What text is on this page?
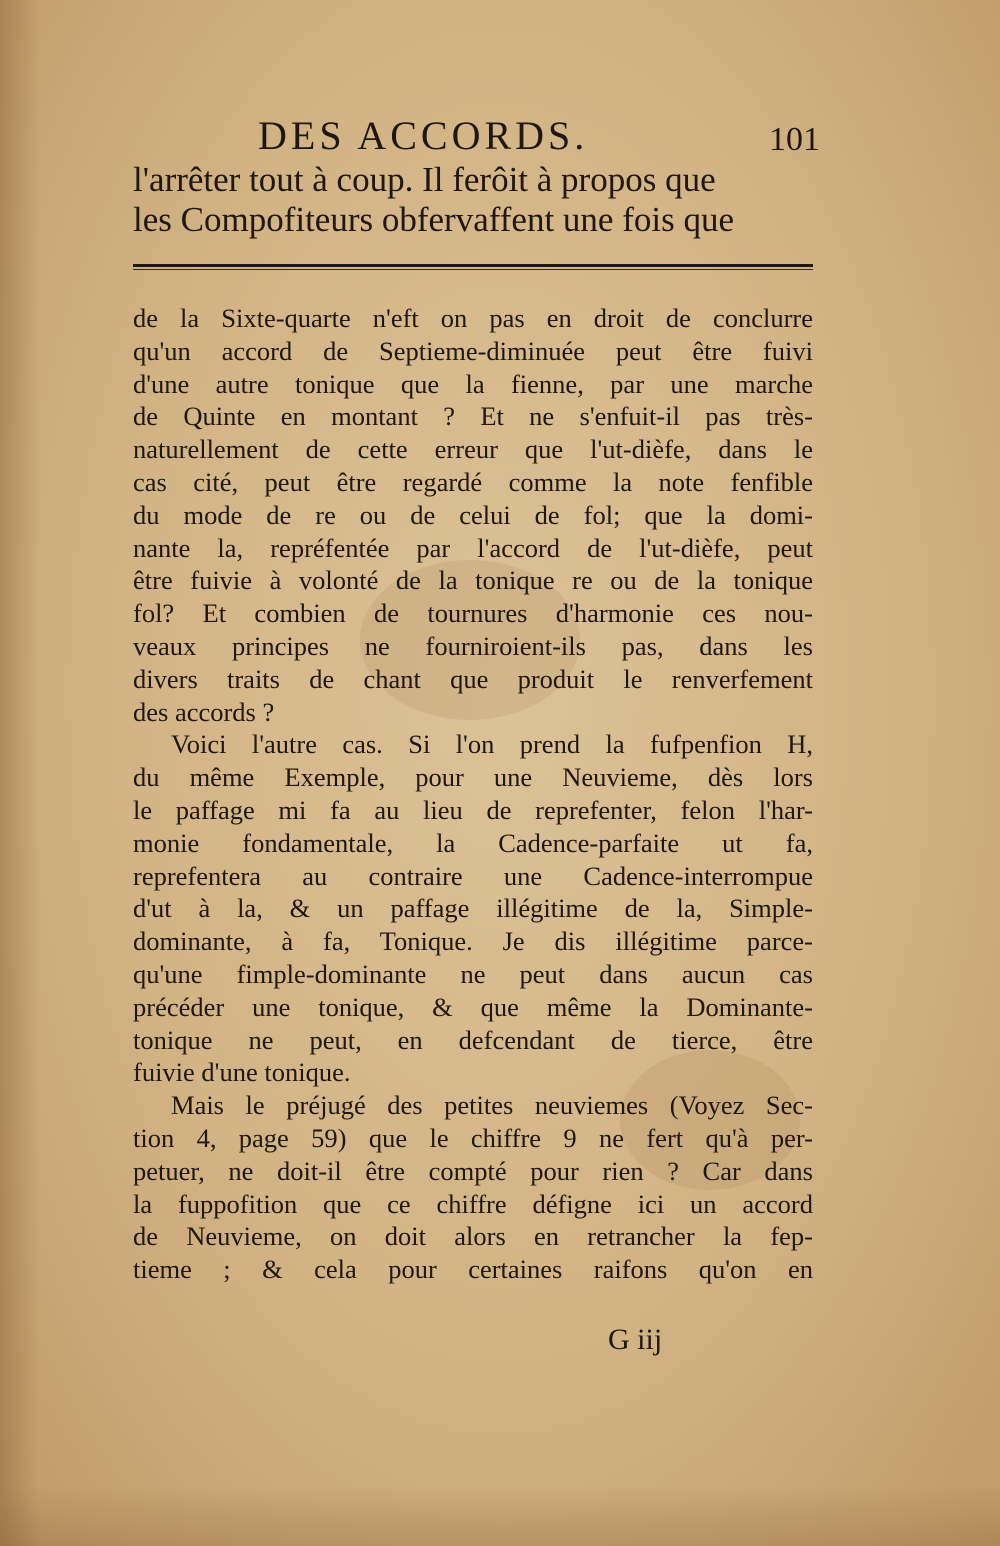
DES ACCORDS.	101
l'arrêter tout à coup. Il ferôit à propos que
les Compofiteurs obfervaffent une fois que
de la Sixte-quarte n'eft on pas en droit de conclurre
qu'un accord de Septieme-diminuée peut être fuivi
d'une autre tonique que la fienne, par une marche
de Quinte en montant ? Et ne s'enfuit-il pas très-
naturellement de cette erreur que l'ut-dièfe, dans le
cas cité, peut être regardé comme la note fenfible
du mode de re ou de celui de fol; que la domi-
nante la, repréfentée par l'accord de l'ut-dièfe, peut
être fuivie à volonté de la tonique re ou de la tonique
fol? Et combien de tournures d'harmonie ces nou-
veaux principes ne fourniroient-ils pas, dans les
divers traits de chant que produit le renverfement
des accords ?
Voici l'autre cas. Si l'on prend la fufpenfion H,
du même Exemple, pour une Neuvieme, dès lors
le paffage mi fa au lieu de reprefenter, felon l'har-
monie fondamentale, la Cadence-parfaite ut fa,
reprefentera au contraire une Cadence-interrompue
d'ut à la, & un paffage illégitime de la, Simple-
dominante, à fa, Tonique. Je dis illégitime parce-
qu'une fimple-dominante ne peut dans aucun cas
précéder une tonique, & que même la Dominante-
tonique ne peut, en defcendant de tierce, être
fuivie d'une tonique.
Mais le préjugé des petites neuviemes (Voyez Sec-
tion 4, page 59) que le chiffre 9 ne fert qu'à per-
petuer, ne doit-il être compté pour rien ? Car dans
la fuppofition que ce chiffre défigne ici un accord
de Neuvieme, on doit alors en retrancher la fep-
tieme ; & cela pour certaines raifons qu'on en
G iij
